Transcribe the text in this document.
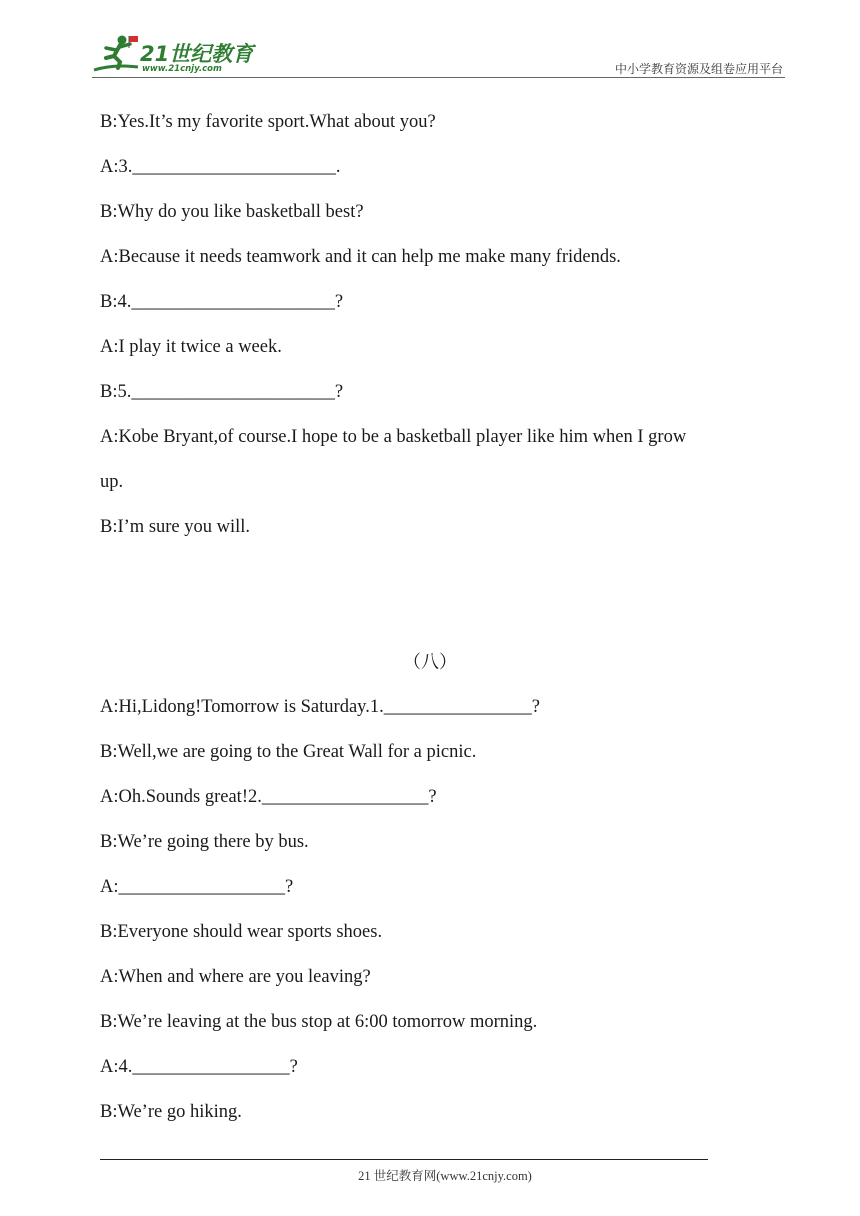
21世纪教育
www.21cnjy.com	中小学教育资源及组卷应用平台
B:Yes.It’s my favorite sport.What about you?
A:3.______________________.
B:Why do you like basketball best?
A:Because it needs teamwork and it can help me make many fridends.
B:4.______________________?
A:I play it twice a week.
B:5.______________________?
A:Kobe Bryant,of course.I hope to be a basketball player like him when I grow
up.
B:I’m sure you will.
（八）
A:Hi,Lidong!Tomorrow is Saturday.1.________________?
B:Well,we are going to the Great Wall for a picnic.
A:Oh.Sounds great!2.__________________?
B:We’re going there by bus.
A:__________________?
B:Everyone should wear sports shoes.
A:When and where are you leaving?
B:We’re leaving at the bus stop at 6:00 tomorrow morning.
A:4._________________?
B:We’re go hiking.
21 世纪教育网(www.21cnjy.com)
